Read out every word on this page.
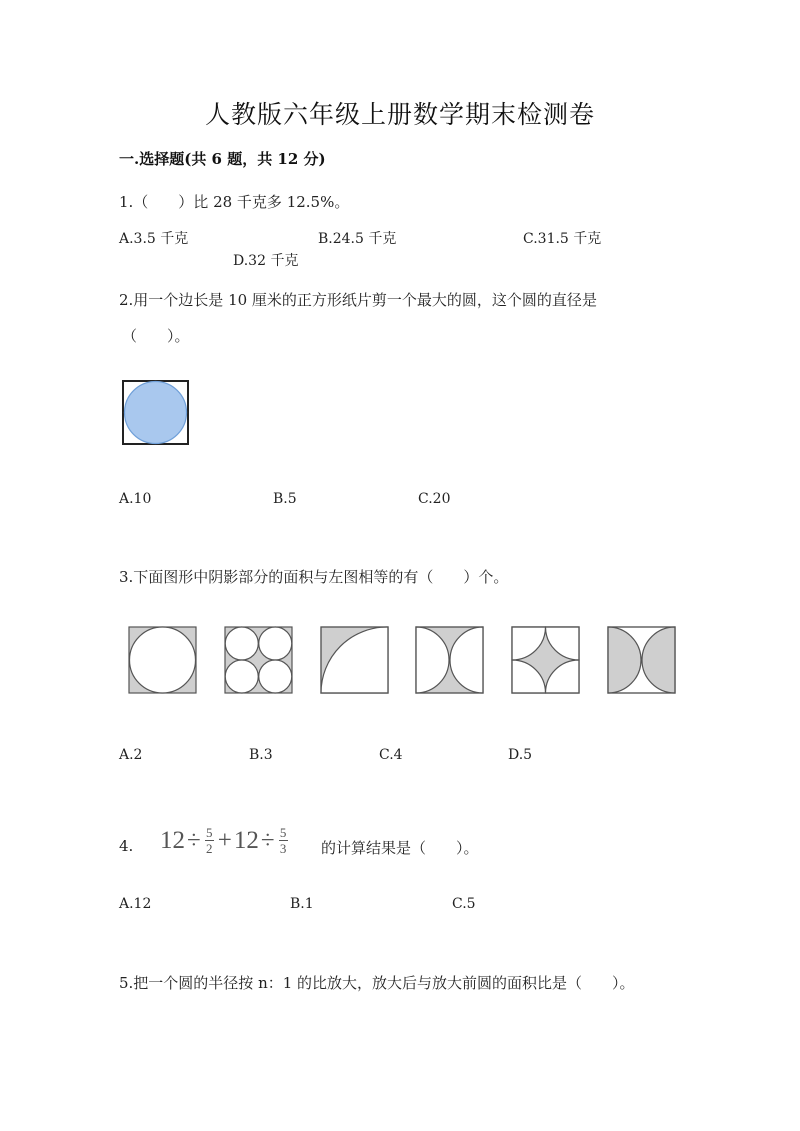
人教版六年级上册数学期末检测卷
一.选择题(共 6 题，共 12 分)
1.（　　）比 28 千克多 12.5%。
A.3.5 千克	B.24.5 千克	C.31.5 千克
D.32 千克
2.用一个边长是 10 厘米的正方形纸片剪一个最大的圆，这个圆的直径是
（　　）。
A.10	B.5	C.20
3.下面图形中阴影部分的面积与左图相等的有（　　）个。
A.2	B.3	C.4	D.5
4. $12 \div \frac{5}{2} + 12 \div \frac{5}{3}$ 的计算结果是（　　）。
A.12	B.1	C.5
5.把一个圆的半径按 n：1 的比放大，放大后与放大前圆的面积比是（　　）。
